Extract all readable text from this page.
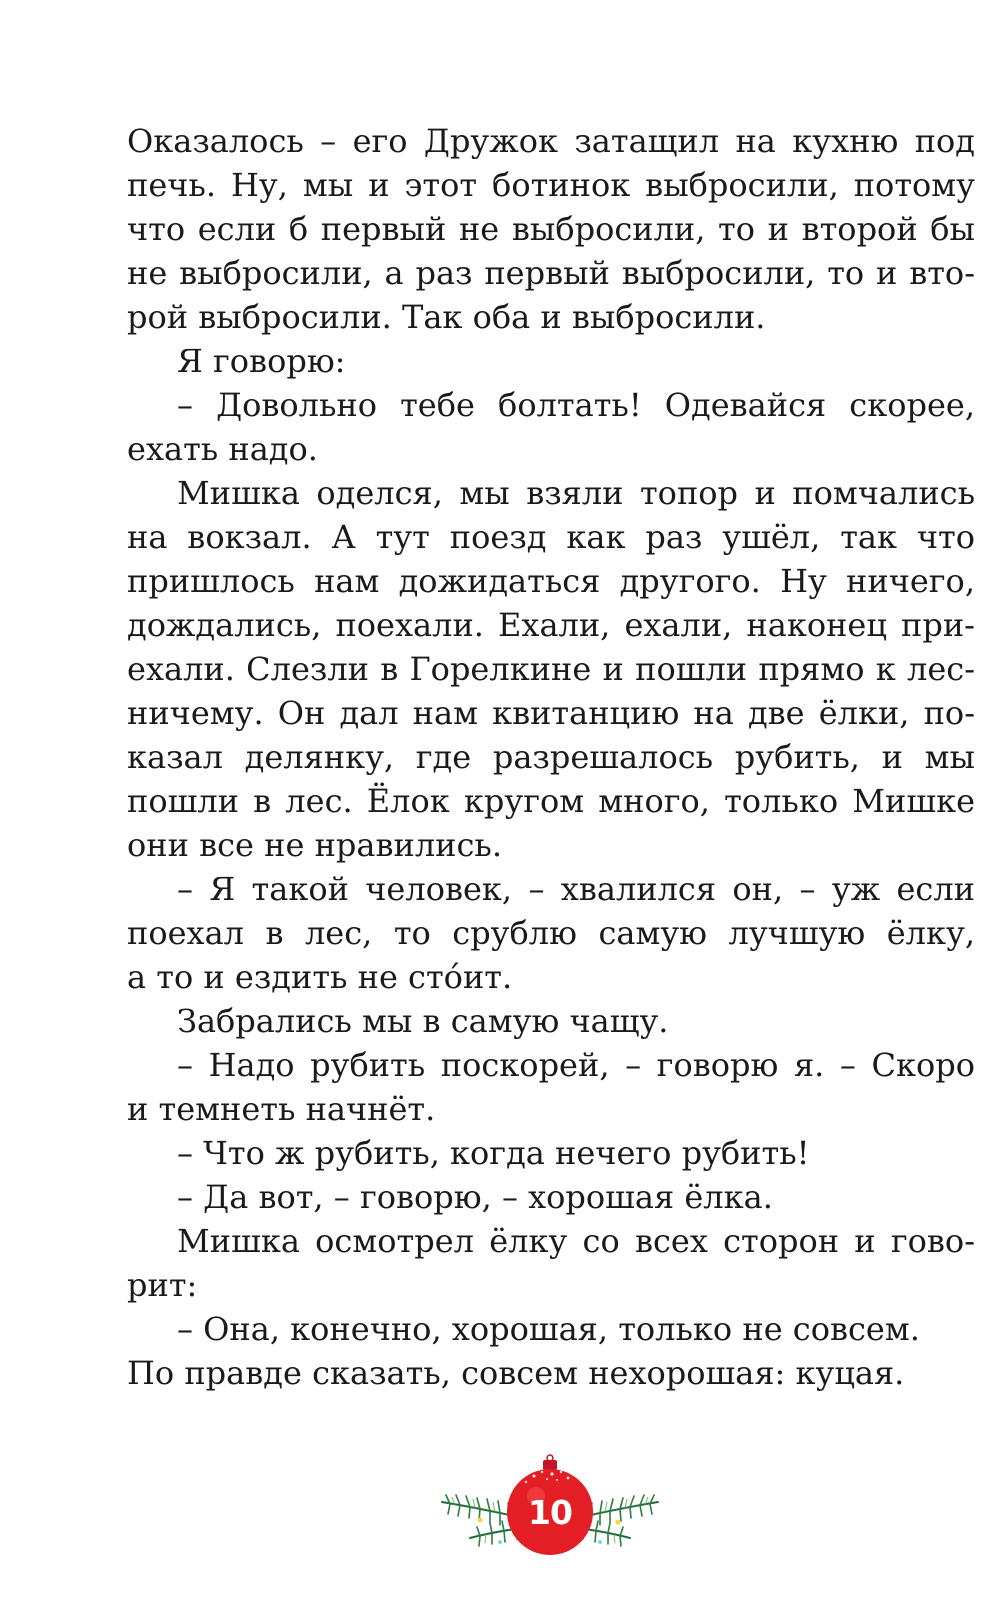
Оказалось – его Дружок затащил на кухню под
печь. Ну, мы и этот ботинок выбросили, потому
что если б первый не выбросили, то и второй бы
не выбросили, а раз первый выбросили, то и вто-
рой выбросили. Так оба и выбросили.
Я говорю:
– Довольно тебе болтать! Одевайся скорее,
ехать надо.
Мишка оделся, мы взяли топор и помчались
на вокзал. А тут поезд как раз ушёл, так что
пришлось нам дожидаться другого. Ну ничего,
дождались, поехали. Ехали, ехали, наконец при-
ехали. Слезли в Горелкине и пошли прямо к лес-
ничему. Он дал нам квитанцию на две ёлки, по-
казал делянку, где разрешалось рубить, и мы
пошли в лес. Ёлок кругом много, только Мишке
они все не нравились.
– Я такой человек, – хвалился он, – уж если
поехал в лес, то срублю самую лучшую ёлку,
а то и ездить не стóит.
Забрались мы в самую чащу.
– Надо рубить поскорей, – говорю я. – Скоро
и темнеть начнёт.
– Что ж рубить, когда нечего рубить!
– Да вот, – говорю, – хорошая ёлка.
Мишка осмотрел ёлку со всех сторон и гово-
рит:
– Она, конечно, хорошая, только не совсем.
По правде сказать, совсем нехорошая: куцая.
10
